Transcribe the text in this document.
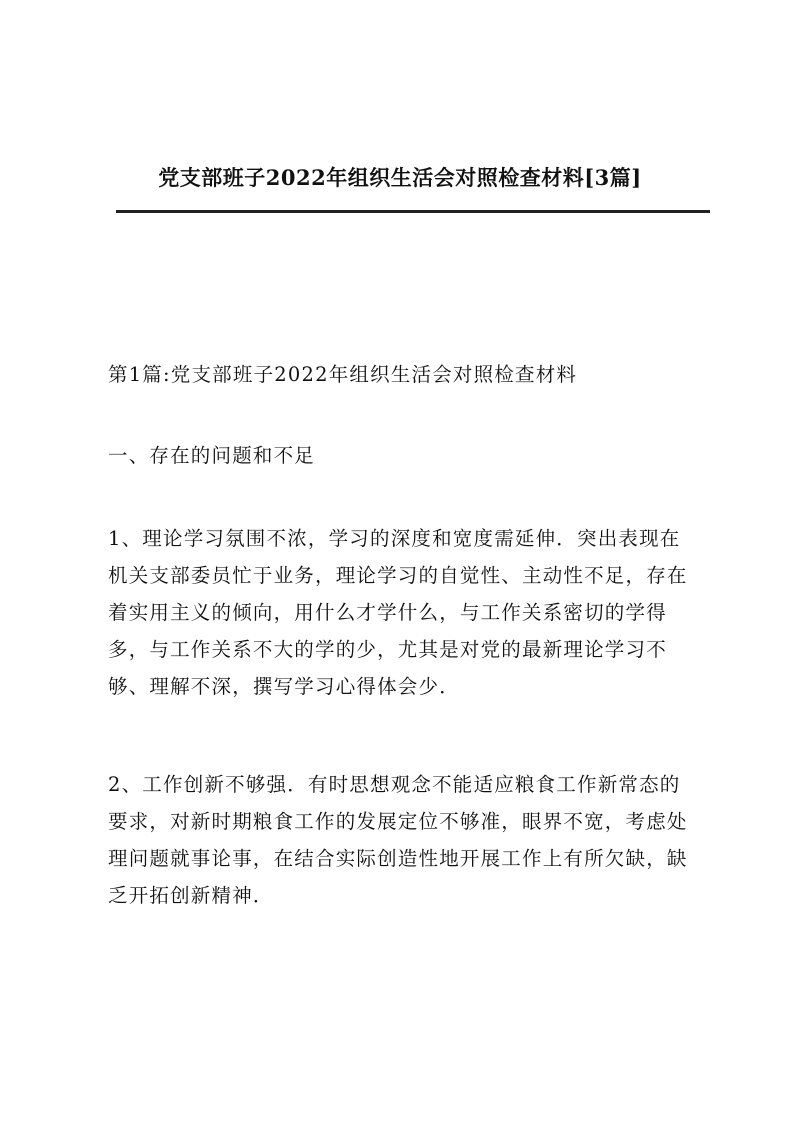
党支部班子2022年组织生活会对照检查材料[3篇]
第1篇:党支部班子2022年组织生活会对照检查材料
一、存在的问题和不足
1、理论学习氛围不浓，学习的深度和宽度需延伸．突出表现在
机关支部委员忙于业务，理论学习的自觉性、主动性不足，存在
着实用主义的倾向，用什么才学什么，与工作关系密切的学得
多，与工作关系不大的学的少，尤其是对党的最新理论学习不
够、理解不深，撰写学习心得体会少．
2、工作创新不够强．有时思想观念不能适应粮食工作新常态的
要求，对新时期粮食工作的发展定位不够准，眼界不宽，考虑处
理问题就事论事，在结合实际创造性地开展工作上有所欠缺，缺
乏开拓创新精神．
